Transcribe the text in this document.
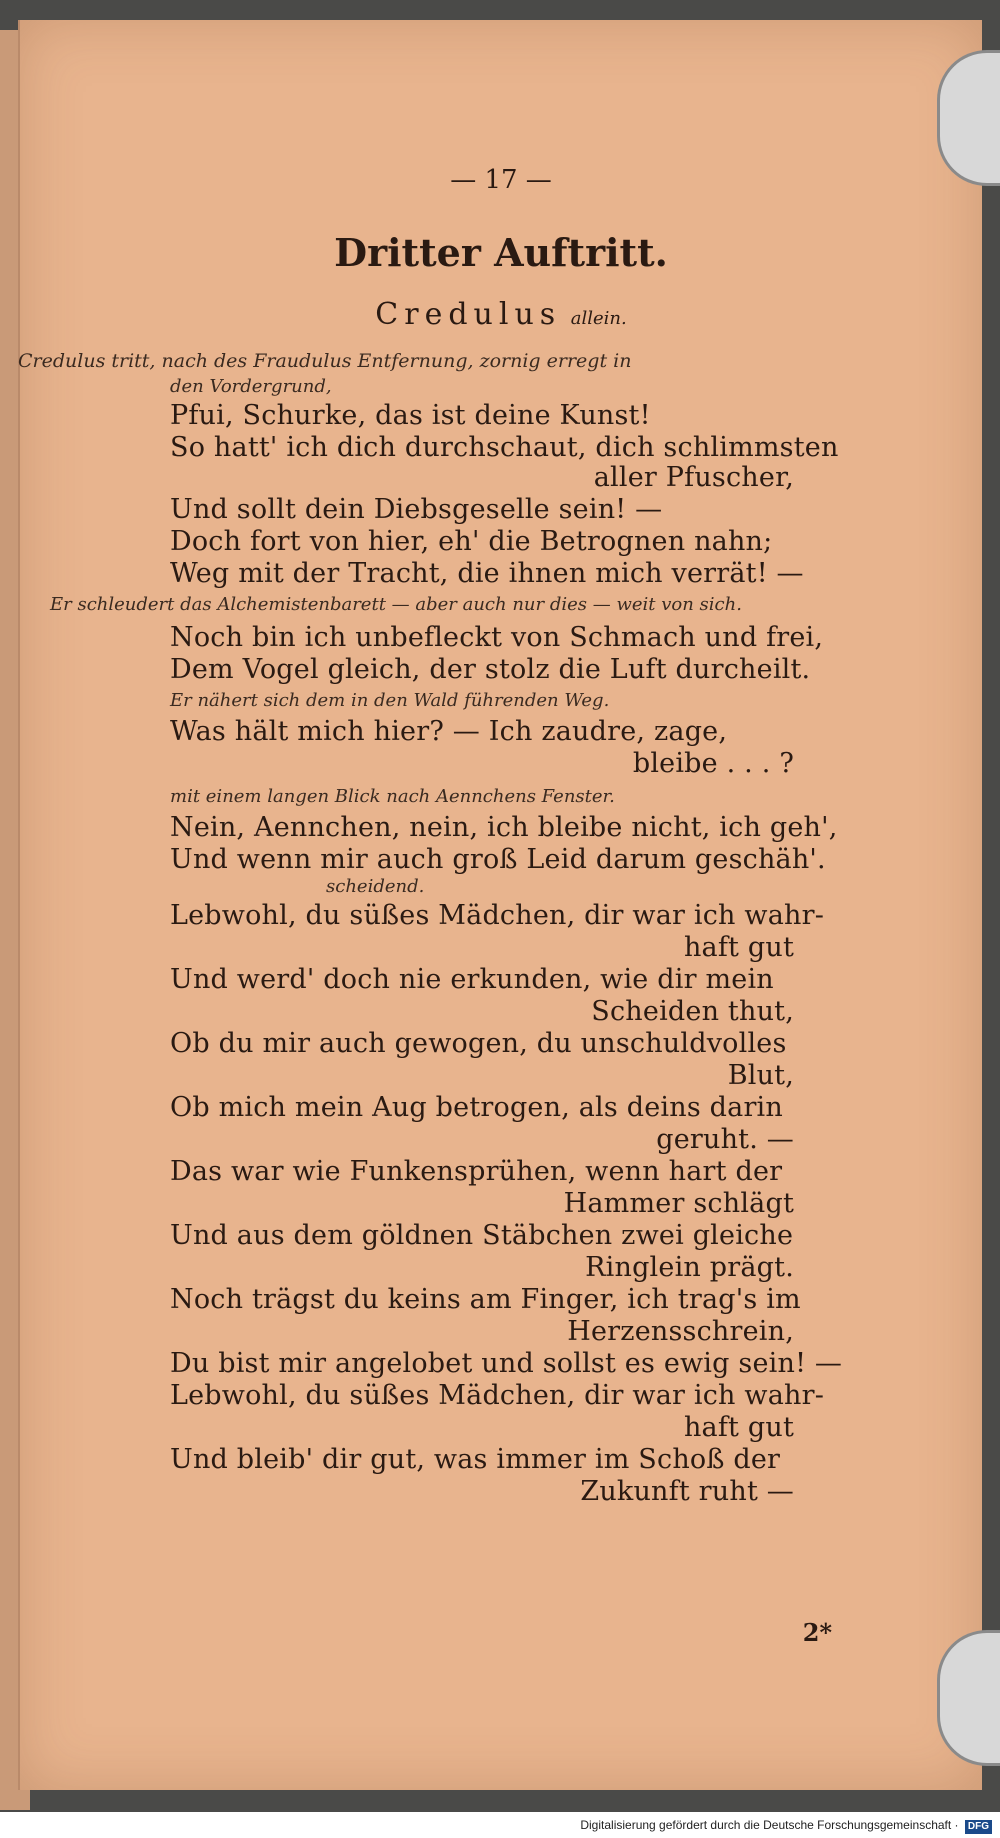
— 17 —
Dritter Auftritt.
Credulus allein.
Credulus tritt, nach des Fraudulus Entfernung, zornig erregt in
den Vordergrund,
Pfui, Schurke, das ist deine Kunst!
So hatt' ich dich durchschaut, dich schlimmsten
aller Pfuscher,
Und sollt dein Diebsgeselle sein! —
Doch fort von hier, eh' die Betrognen nahn;
Weg mit der Tracht, die ihnen mich verrät! —
Er schleudert das Alchemistenbarett — aber auch nur dies — weit von sich.
Noch bin ich unbefleckt von Schmach und frei,
Dem Vogel gleich, der stolz die Luft durcheilt.
Er nähert sich dem in den Wald führenden Weg.
Was hält mich hier? — Ich zaudre, zage,
bleibe . . . ?
mit einem langen Blick nach Aennchens Fenster.
Nein, Aennchen, nein, ich bleibe nicht, ich geh',
Und wenn mir auch groß Leid darum geschäh'.
scheidend.
Lebwohl, du süßes Mädchen, dir war ich wahr-
haft gut
Und werd' doch nie erkunden, wie dir mein
Scheiden thut,
Ob du mir auch gewogen, du unschuldvolles
Blut,
Ob mich mein Aug betrogen, als deins darin
geruht. —
Das war wie Funkensprühen, wenn hart der
Hammer schlägt
Und aus dem göldnen Stäbchen zwei gleiche
Ringlein prägt.
Noch trägst du keins am Finger, ich trag's im
Herzensschrein,
Du bist mir angelobet und sollst es ewig sein! —
Lebwohl, du süßes Mädchen, dir war ich wahr-
haft gut
Und bleib' dir gut, was immer im Schoß der
Zukunft ruht —
2*
Digitalisierung gefördert durch die Deutsche Forschungsgemeinschaft · DFG
